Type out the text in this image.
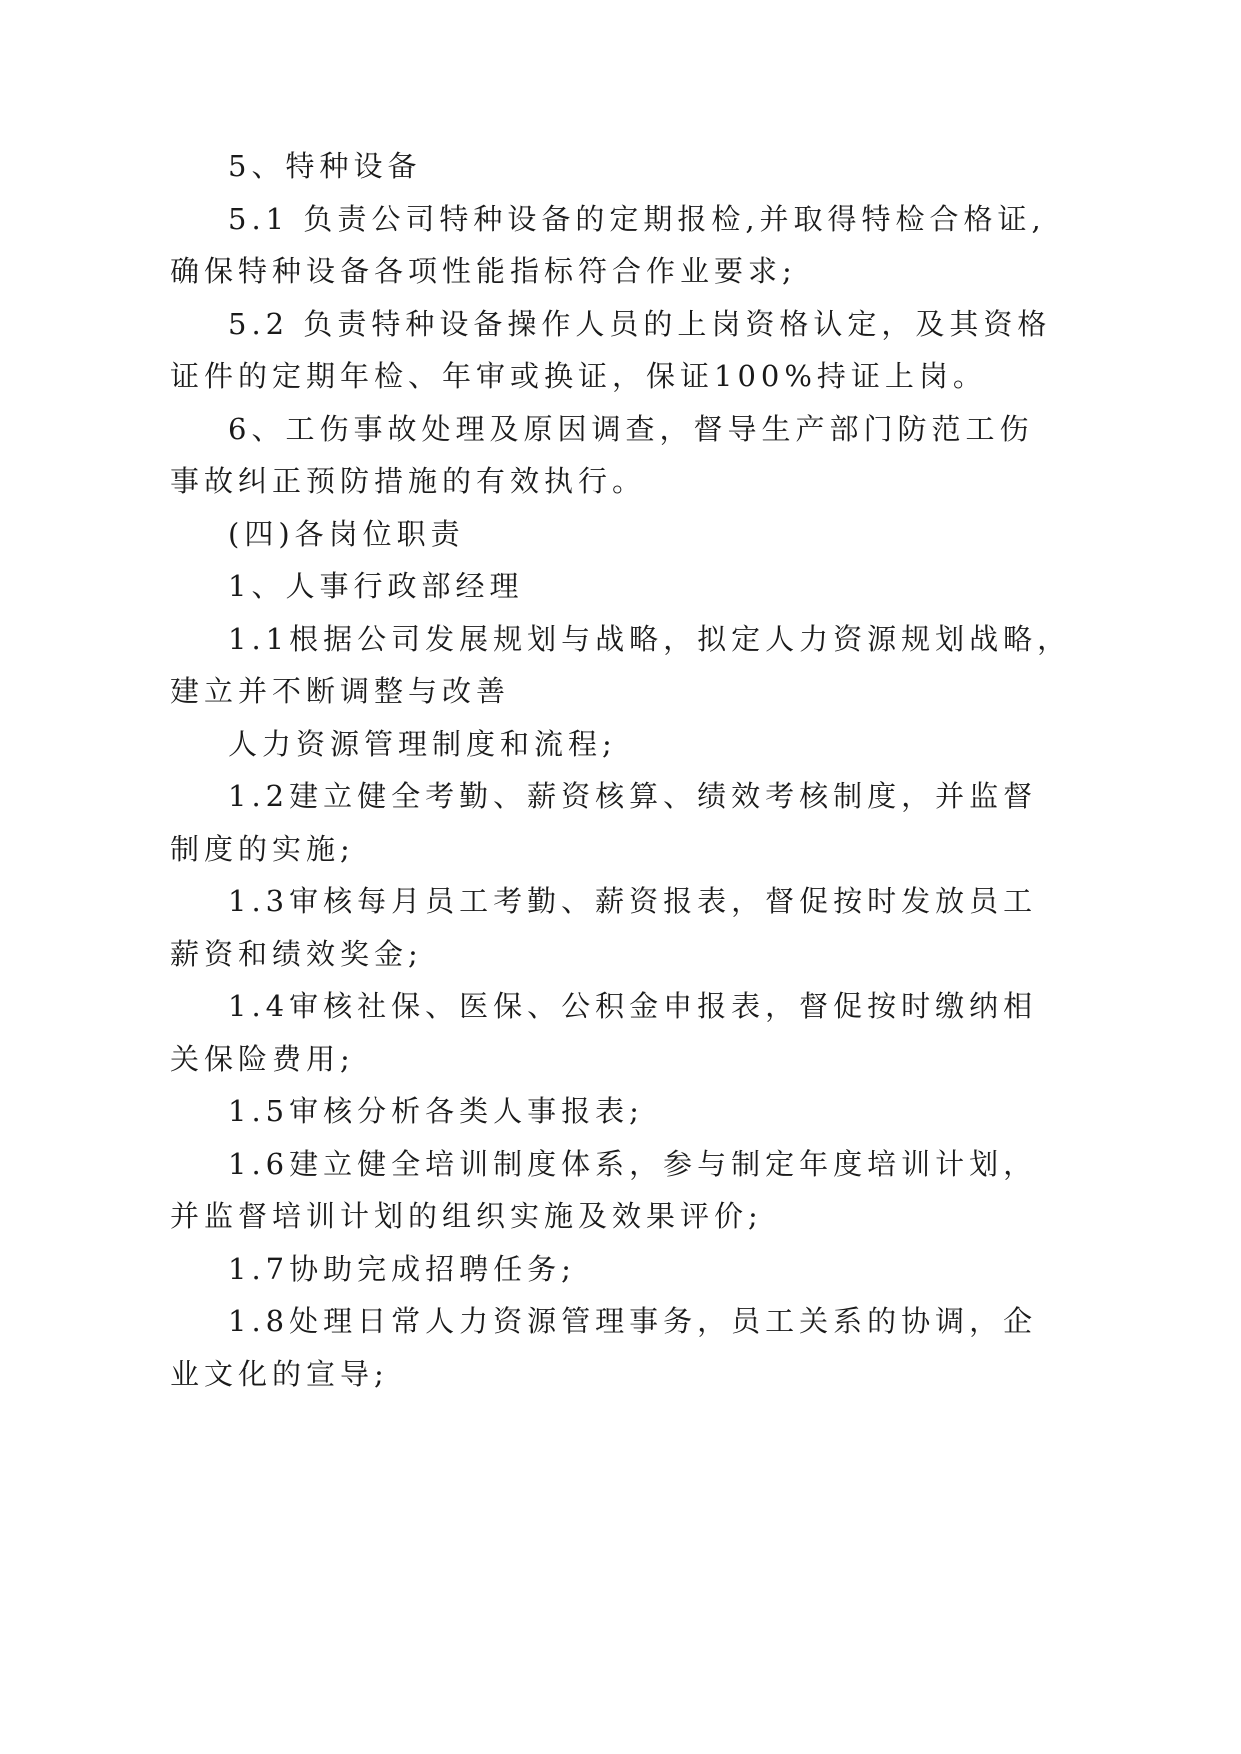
5、特种设备
5.1 负责公司特种设备的定期报检,并取得特检合格证,
确保特种设备各项性能指标符合作业要求;
5.2 负责特种设备操作人员的上岗资格认定，及其资格
证件的定期年检、年审或换证，保证100%持证上岗。
6、工伤事故处理及原因调查，督导生产部门防范工伤
事故纠正预防措施的有效执行。
(四)各岗位职责
1、人事行政部经理
1.1根据公司发展规划与战略，拟定人力资源规划战略，
建立并不断调整与改善
人力资源管理制度和流程;
1.2建立健全考勤、薪资核算、绩效考核制度，并监督
制度的实施;
1.3审核每月员工考勤、薪资报表，督促按时发放员工
薪资和绩效奖金;
1.4审核社保、医保、公积金申报表，督促按时缴纳相
关保险费用;
1.5审核分析各类人事报表;
1.6建立健全培训制度体系，参与制定年度培训计划，
并监督培训计划的组织实施及效果评价;
1.7协助完成招聘任务;
1.8处理日常人力资源管理事务，员工关系的协调，企
业文化的宣导;
